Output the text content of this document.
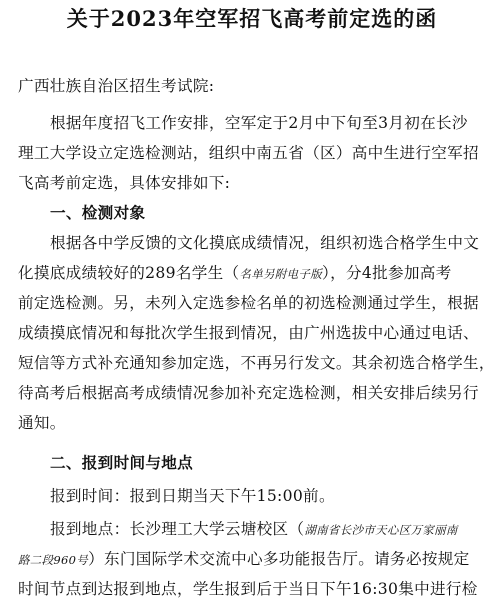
关于2023年空军招飞高考前定选的函

广西壮族自治区招生考试院:

根据年度招飞工作安排，空军定于2月中下旬至3月初在长沙

理工大学设立定选检测站，组织中南五省（区）高中生进行空军招

飞高考前定选，具体安排如下:

一、检测对象

根据各中学反馈的文化摸底成绩情况，组织初选合格学生中文

化摸底成绩较好的289名学生（名单另附电子版），分4批参加高考

前定选检测。另，未列入定选参检名单的初选检测通过学生，根据

成绩摸底情况和每批次学生报到情况，由广州选拔中心通过电话、

短信等方式补充通知参加定选，不再另行发文。其余初选合格学生，

待高考后根据高考成绩情况参加补充定选检测，相关安排后续另行

通知。

二、报到时间与地点

报到时间：报到日期当天下午15:00前。

报到地点：长沙理工大学云塘校区（湖南省长沙市天心区万家丽南

路二段960号）东门国际学术交流中心多功能报告厅。请务必按规定

时间节点到达报到地点，学生报到后于当日下午16:30集中进行检
